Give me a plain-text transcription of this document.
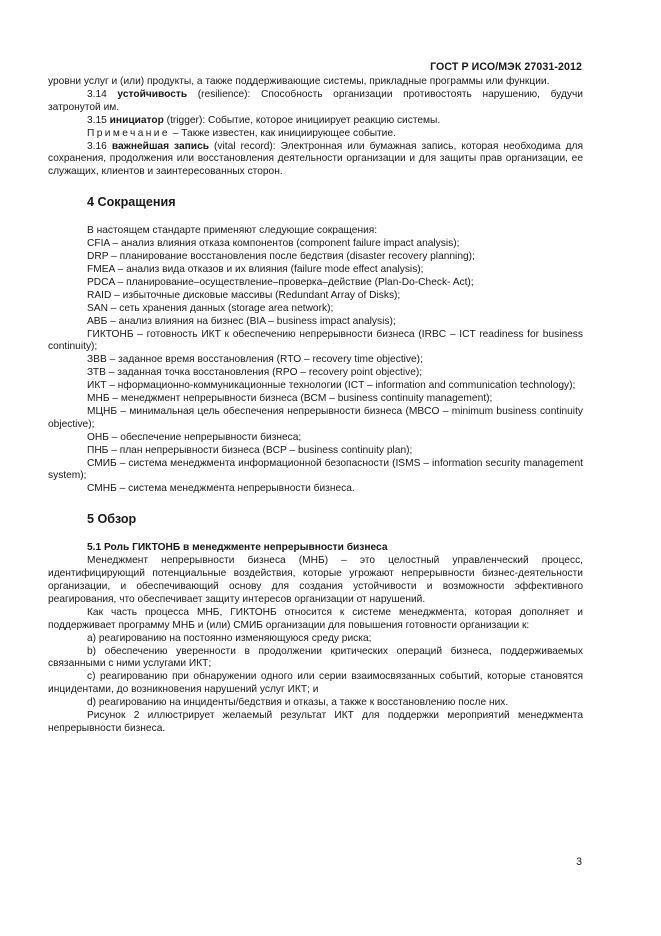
ГОСТ Р ИСО/МЭК 27031-2012

уровни услуг и (или) продукты, а также поддерживающие системы, прикладные программы или функции.

3.14 устойчивость (resilience): Способность организации противостоять нарушению, будучи затронутой им.

3.15 инициатор (trigger): Событие, которое инициирует реакцию системы.

Примечание – Также известен, как инициирующее событие.

3.16 важнейшая запись (vital record): Электронная или бумажная запись, которая необходима для сохранения, продолжения или восстановления деятельности организации и для защиты прав организации, ее служащих, клиентов и заинтересованных сторон.

4 Сокращения

В настоящем стандарте применяют следующие сокращения:

CFIA – анализ влияния отказа компонентов (component failure impact analysis);

DRP – планирование восстановления после бедствия (disaster recovery planning);

FMEA – анализ вида отказов и их влияния (failure mode effect analysis);

PDCA – планирование–осуществление–проверка–действие (Plan-Do-Check- Act);

RAID – избыточные дисковые массивы (Redundant Array of Disks);

SAN – сеть хранения данных (storage area network);

АВБ – анализ влияния на бизнес (BIA – business impact analysis);

ГИКТОНБ – готовность ИКТ к обеспечению непрерывности бизнеса (IRBC – ICT readiness for business continuity);

ЗВВ – заданное время восстановления (RTO – recovery time objective);

ЗТВ – заданная точка восстановления (RPO – recovery point objective);

ИКТ – нформационно-коммуникационные технологии (ICT – information and communication technology);

МНБ – менеджмент непрерывности бизнеса (BCM – business continuity management);

МЦНБ – минимальная цель обеспечения непрерывности бизнеса (MBCO – minimum business continuity objective);

ОНБ – обеспечение непрерывности бизнеса;

ПНБ – план непрерывности бизнеса (BCP – business continuity plan);

СМИБ – система менеджмента информационной безопасности (ISMS – information security management system);

СМНБ – система менеджмента непрерывности бизнеса.

5 Обзор
5.1 Роль ГИКТОНБ в менеджменте непрерывности бизнеса

Менеджмент непрерывности бизнеса (МНБ) – это целостный управленческий процесс, идентифицирующий потенциальные воздействия, которые угрожают непрерывности бизнес-деятельности организации, и обеспечивающий основу для создания устойчивости и возможности эффективного реагирования, что обеспечивает защиту интересов организации от нарушений.

Как часть процесса МНБ, ГИКТОНБ относится к системе менеджмента, которая дополняет и поддерживает программу МНБ и (или) СМИБ организации для повышения готовности организации к:

a) реагированию на постоянно изменяющуюся среду риска;

b) обеспечению уверенности в продолжении критических операций бизнеса, поддерживаемых связанными с ними услугами ИКТ;

c) реагированию при обнаружении одного или серии взаимосвязанных событий, которые становятся инцидентами, до возникновения нарушений услуг ИКТ; и

d) реагированию на инциденты/бедствия и отказы, а также к восстановлению после них.

Рисунок 2 иллюстрирует желаемый результат ИКТ для поддержки мероприятий менеджмента непрерывности бизнеса.

3
